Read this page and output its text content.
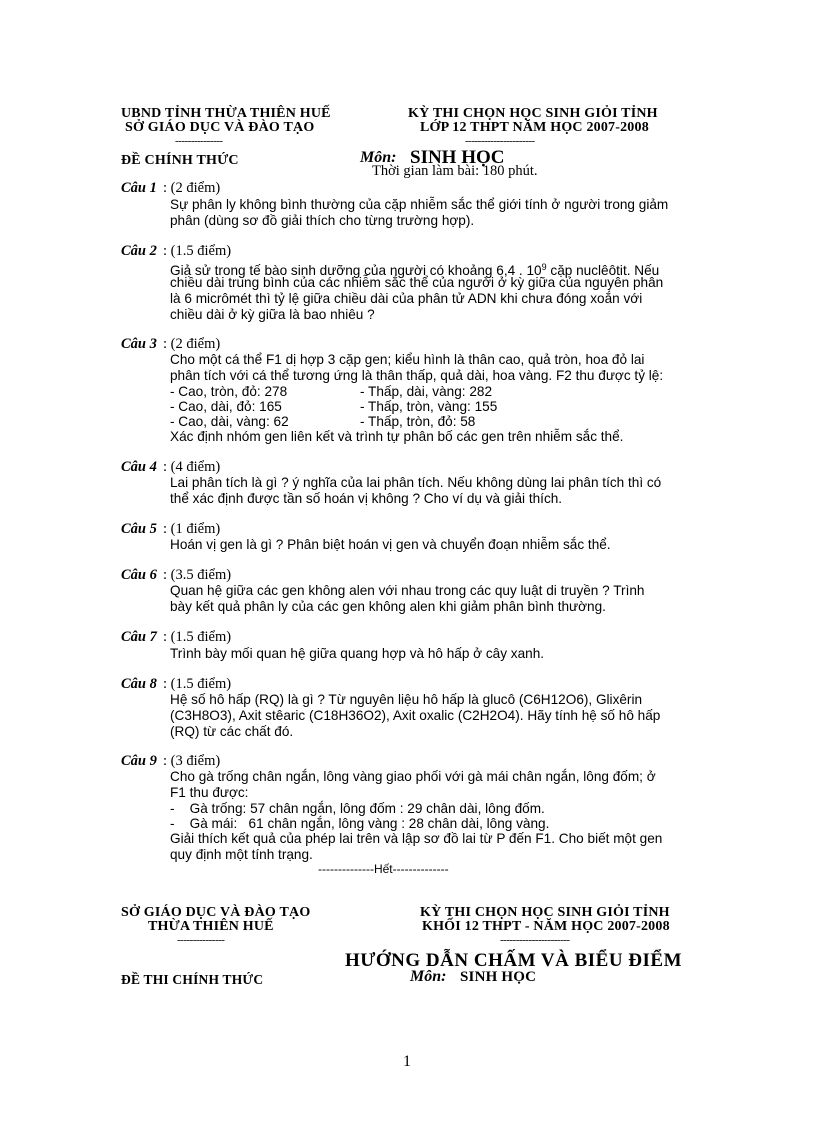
UBND TỈNH THỪA THIÊN HUẾ
SỞ GIÁO DỤC VÀ ĐÀO TẠO
---------------
KỲ THI CHỌN HỌC SINH GIỎI TỈNH
LỚP 12 THPT NĂM HỌC 2007-2008
----------------------
ĐỀ CHÍNH THỨC	Môn: SINH HỌC
Thời gian làm bài: 180 phút.
Câu 1 : (2 điểm)
Sự phân ly không bình thường của cặp nhiễm sắc thể giới tính ở người trong giảm
phân (dùng sơ đồ giải thích cho từng trường hợp).
Câu 2 : (1.5 điểm)
Giả sử trong tế bào sinh dưỡng của người có khoảng 6,4 . $10^9$ cặp nuclêôtit. Nếu
chiều dài trung bình của các nhiễm sắc thể của người ở kỳ giữa của nguyên phân
là 6 micrômét thì tỷ lệ giữa chiều dài của phân tử ADN khi chưa đóng xoắn với
chiều dài ở kỳ giữa là bao nhiêu ?
Câu 3 : (2 điểm)
Cho một cá thể F1 dị hợp 3 cặp gen; kiểu hình là thân cao, quả tròn, hoa đỏ lai
phân tích với cá thể tương ứng là thân thấp, quả dài, hoa vàng. F2 thu được tỷ lệ:
- Cao, tròn, đỏ: 278	- Thấp, dài, vàng: 282
- Cao, dài, đỏ: 165	- Thấp, tròn, vàng: 155
- Cao, dài, vàng: 62	- Thấp, tròn, đỏ: 58
Xác định nhóm gen liên kết và trình tự phân bố các gen trên nhiễm sắc thể.
Câu 4 : (4 điểm)
Lai phân tích là gì ? ý nghĩa của lai phân tích. Nếu không dùng lai phân tích thì có
thể xác định được tần số hoán vị không ? Cho ví dụ và giải thích.
Câu 5 : (1 điểm)
Hoán vị gen là gì ? Phân biệt hoán vị gen và chuyển đoạn nhiễm sắc thể.
Câu 6 : (3.5 điểm)
Quan hệ giữa các gen không alen với nhau trong các quy luật di truyền ? Trình
bày kết quả phân ly của các gen không alen khi giảm phân bình thường.
Câu 7 : (1.5 điểm)
Trình bày mối quan hệ giữa quang hợp và hô hấp ở cây xanh.
Câu 8 : (1.5 điểm)
Hệ số hô hấp (RQ) là gì ? Từ nguyên liệu hô hấp là glucô (C6H12O6), Glixêrin
(C3H8O3), Axit stêaric (C18H36O2), Axit oxalic (C2H2O4). Hãy tính hệ số hô hấp
(RQ) từ các chất đó.
Câu 9 : (3 điểm)
Cho gà trống chân ngắn, lông vàng giao phối với gà mái chân ngắn, lông đốm; ở
F1 thu được:
-    Gà trống: 57 chân ngắn, lông đốm : 29 chân dài, lông đốm.
-    Gà mái:   61 chân ngắn, lông vàng : 28 chân dài, lông vàng.
Giải thích kết quả của phép lai trên và lập sơ đồ lai từ P đến F1. Cho biết một gen
quy định một tính trạng.
--------------Hết--------------
SỞ GIÁO DỤC VÀ ĐÀO TẠO
THỪA THIÊN HUẾ
---------------
KỲ THI CHỌN HỌC SINH GIỎI TỈNH
KHỐI 12 THPT - NĂM HỌC 2007-2008
----------------------
HƯỚNG DẪN CHẤM VÀ BIỂU ĐIỂM
ĐỀ THI CHÍNH THỨC	Môn: SINH HỌC
1
